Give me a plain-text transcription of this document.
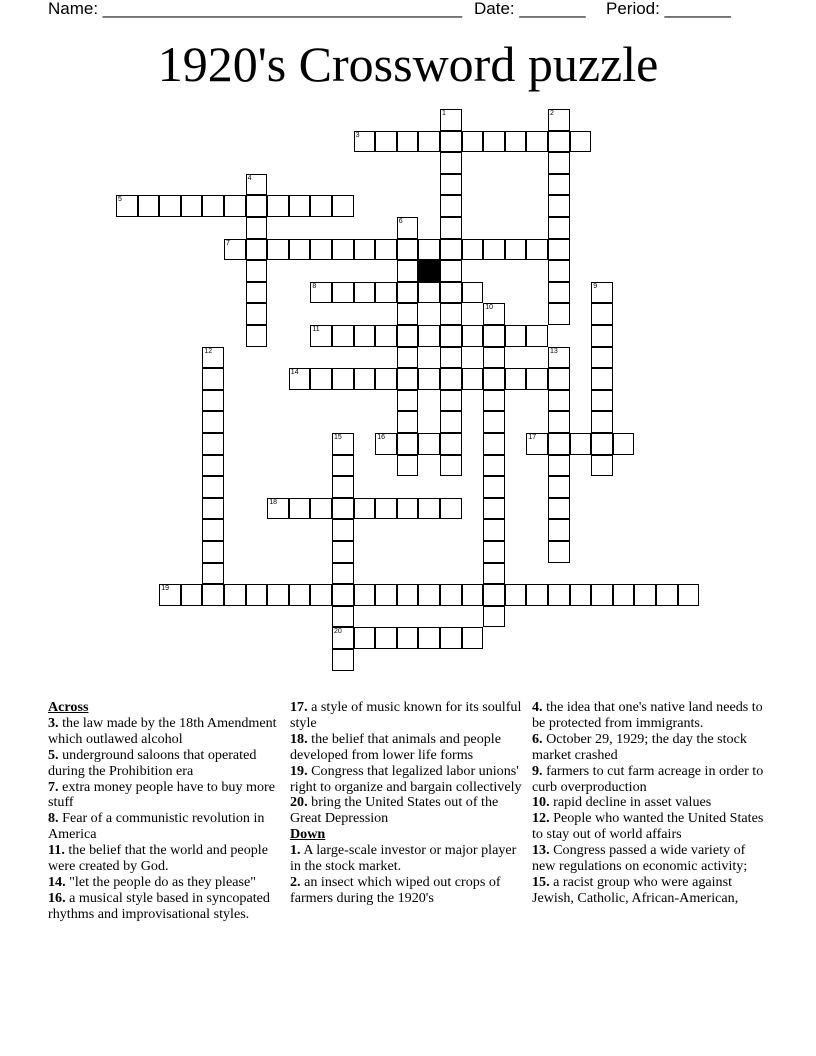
Name: ______________________________________ Date: _______ Period: _______
1920's Crossword puzzle
1	2
3
4
5
6
7
8	9
10
11
12	13
14
15
20
16	17
18
19
Across

3. the law made by the 18th Amendment which outlawed alcohol

5. underground saloons that operated during the Prohibition era

7. extra money people have to buy more stuff

8. Fear of a communistic revolution in America

11. the belief that the world and people were created by God.

14. "let the people do as they please"

16. a musical style based in syncopated rhythms and improvisational styles.

17. a style of music known for its soulful style

18. the belief that animals and people developed from lower life forms

19. Congress that legalized labor unions' right to organize and bargain collectively

20. bring the United States out of the Great Depression

Down

1. A large-scale investor or major player in the stock market.

2. an insect which wiped out crops of farmers during the 1920's

4. the idea that one's native land needs to be protected from immigrants.

6. October 29, 1929; the day the stock market crashed

9. farmers to cut farm acreage in order to curb overproduction

10. rapid decline in asset values

12. People who wanted the United States to stay out of world affairs

13. Congress passed a wide variety of new regulations on economic activity;

15. a racist group who were against Jewish, Catholic, African-American,
